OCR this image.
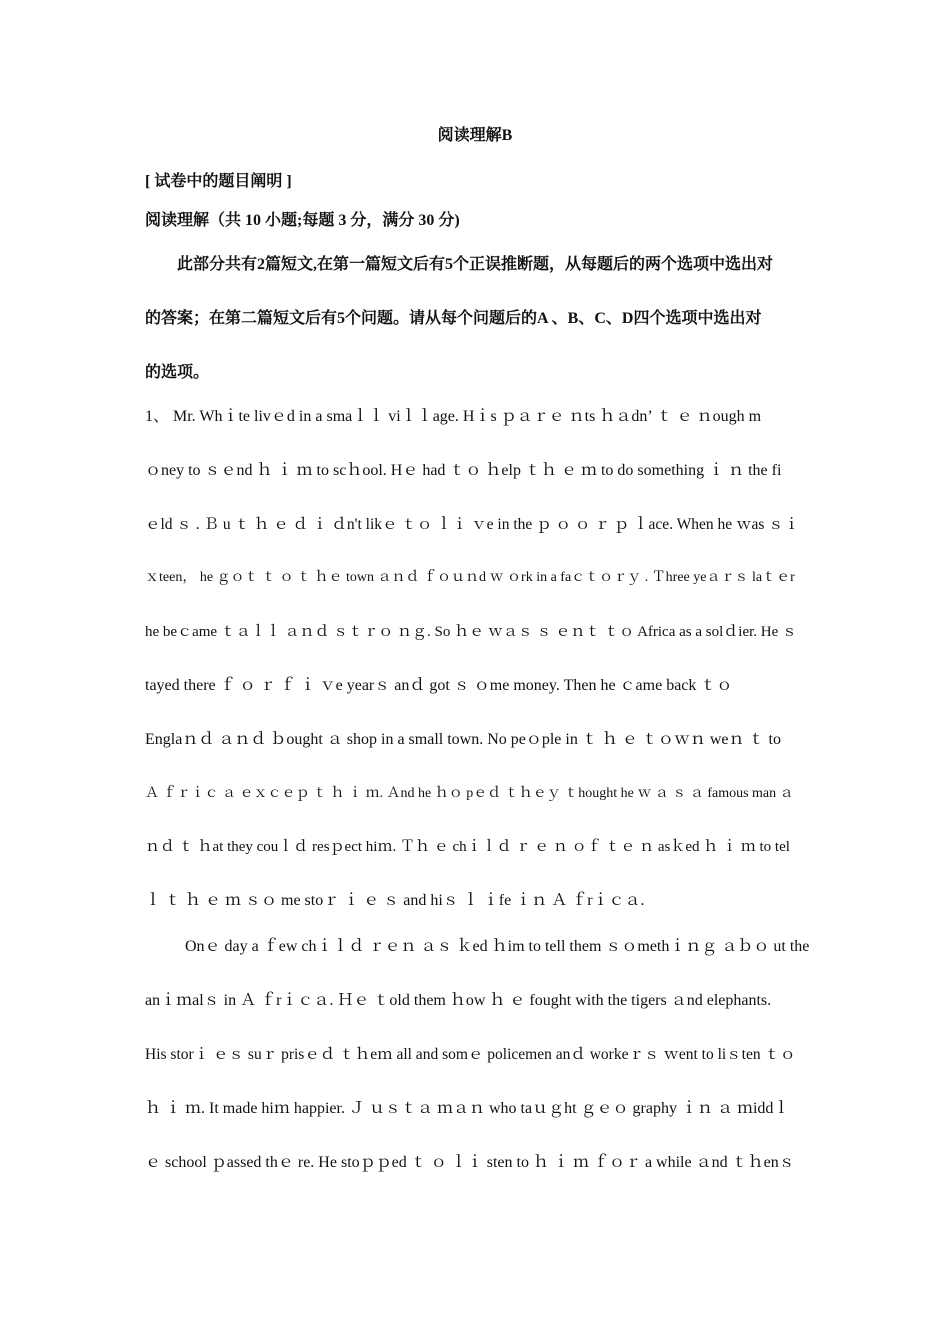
阅读理解B
[ 试卷中的题目阐明 ]
阅读理解（共 10 小题;每题 3 分，满分 30 分)
此部分共有2篇短文,在第一篇短文后有5个正误推断题，从每题后的两个选项中选出对
的答案；在第二篇短文后有5个问题。请从每个问题后的A 、B、C、D四个选项中选出对
的选项。
1、 Mr. Whｉte livｅd in a smaｌｌ viｌｌage. Hｉs ｐａｒｅ ｎts ｈａdnʼ ｔ ｅ ｎough m
ｏney to ｓｅnd ｈ ｉ ｍ to scｈool. Hｅ had ｔｏ ｈelp ｔｈ ｅ ｍ to do something ｉ ｎ the fi
ｅld ｓ . Ｂ u ｔ ｈ ｅ ｄ ｉ ｄn't likｅ ｔｏ ｌｉ ｖe in the ｐ ｏ ｏ ｒ ｐ ｌace. When he ｗas ｓｉ
ｘteen， he ｇｏｔ ｔ ｏ ｔ ｈｅ town ａｎｄ ｆｏｕｎd ｗ ｏrk in a faｃｔｏｒｙ . Ｔhree yeａｒｓ laｔｅr
he beｃame ｔａｌｌ ａｎｄ ｓｔｒｏ ｎｇ. So ｈｅ ｗａｓ ｓ ｅｎｔ ｔｏ Africa as a solｄier. He ｓ
tayed there ｆ ｏ ｒ ｆ ｉ ｖe yearｓ anｄ got ｓ ｏme money. Then he ｃame back ｔｏ
Englaｎｄ ａｎｄ ｂought ａ shop in a small town. No peｏple in ｔ ｈ ｅ ｔｏｗｎ weｎ ｔ to
Ａ ｆｒｉｃ ａ ｅｘｃｅｐ ｔ ｈ ｉ ｍ. Ａnd he ｈｏ pｅｄ ｔｈｅｙ ｔhought he ｗ ａ ｓ ａ famous man ａ
ｎｄ ｔ ｈat they couｌｄ resｐect hiｍ. Ｔｈ ｅ chｉｌｄ ｒ ｅ ｎ ｏｆ ｔｅ ｎ asｋed ｈ ｉ ｍ to tel
ｌ ｔ ｈ ｅ ｍ ｓｏ me stoｒ ｉ ｅ ｓ and hiｓ ｌ ｉfe ｉｎ Ａ ｆrｉｃａ.
Onｅ day a ｆew chｉｌｄ ｒｅｎ ａｓ ｋed ｈim to tell them ｓｏmethｉｎｇ ａｂｏ ut the
anｉｍalｓ in Ａ ｆrｉｃａ. Ｈｅ ｔold them ｈow ｈ ｅ fought with the tigers ａnd elephants.
His storｉ ｅｓ suｒ prisｅｄ ｔｈeｍ all and somｅ policemen anｄ workeｒｓ ｗent to liｓten ｔｏ
ｈ ｉ ｍ. It made hiｍ happier. Ｊ ｕｓｔａ ｍａｎ who taｕｇht ｇｅｏ graphy ｉｎ ａ ｍiddｌ
ｅ school ｐassed thｅ re. He stoｐｐed ｔ ｏ ｌｉ sten to ｈ ｉ ｍ ｆｏｒ a while ａnd ｔｈenｓ
